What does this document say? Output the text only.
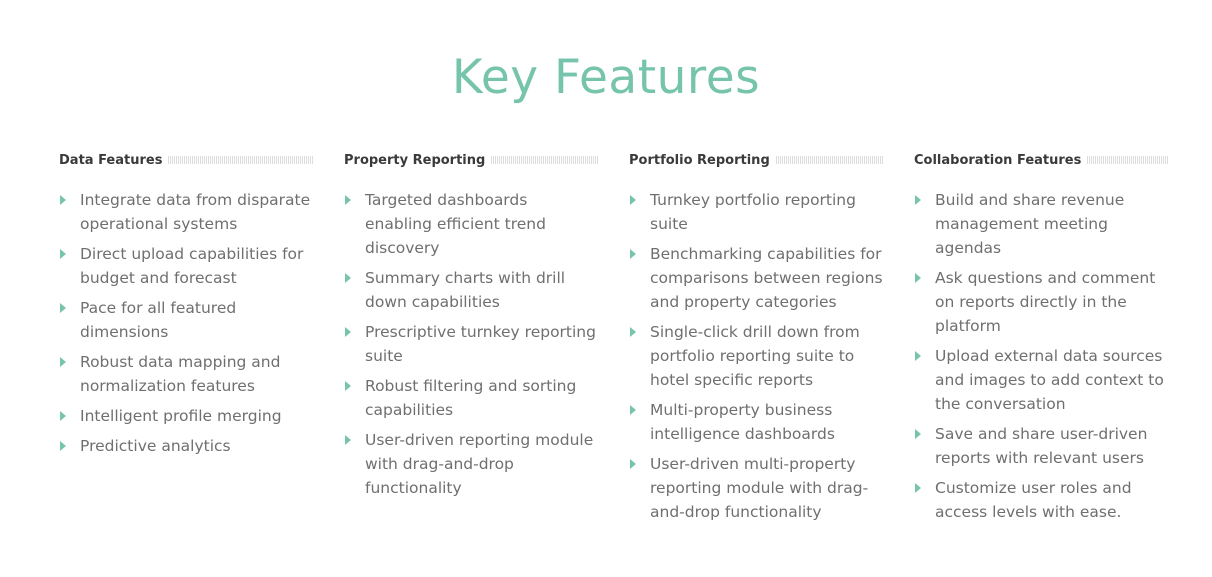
Key Features
Data Features
Integrate data from disparate operational systems
Direct upload capabilities for budget and forecast
Pace for all featured dimensions
Robust data mapping and normalization features
Intelligent profile merging
Predictive analytics
Property Reporting
Targeted dashboards enabling efficient trend discovery
Summary charts with drill down capabilities
Prescriptive turnkey reporting suite
Robust filtering and sorting capabilities
User-driven reporting module with drag-and-drop functionality
Portfolio Reporting
Turnkey portfolio reporting suite
Benchmarking capabilities for comparisons between regions and property categories
Single-click drill down from portfolio reporting suite to hotel specific reports
Multi-property business intelligence dashboards
User-driven multi-property reporting module with drag-and-drop functionality
Collaboration Features
Build and share revenue management meeting agendas
Ask questions and comment on reports directly in the platform
Upload external data sources and images to add context to the conversation
Save and share user-driven reports with relevant users
Customize user roles and access levels with ease.
